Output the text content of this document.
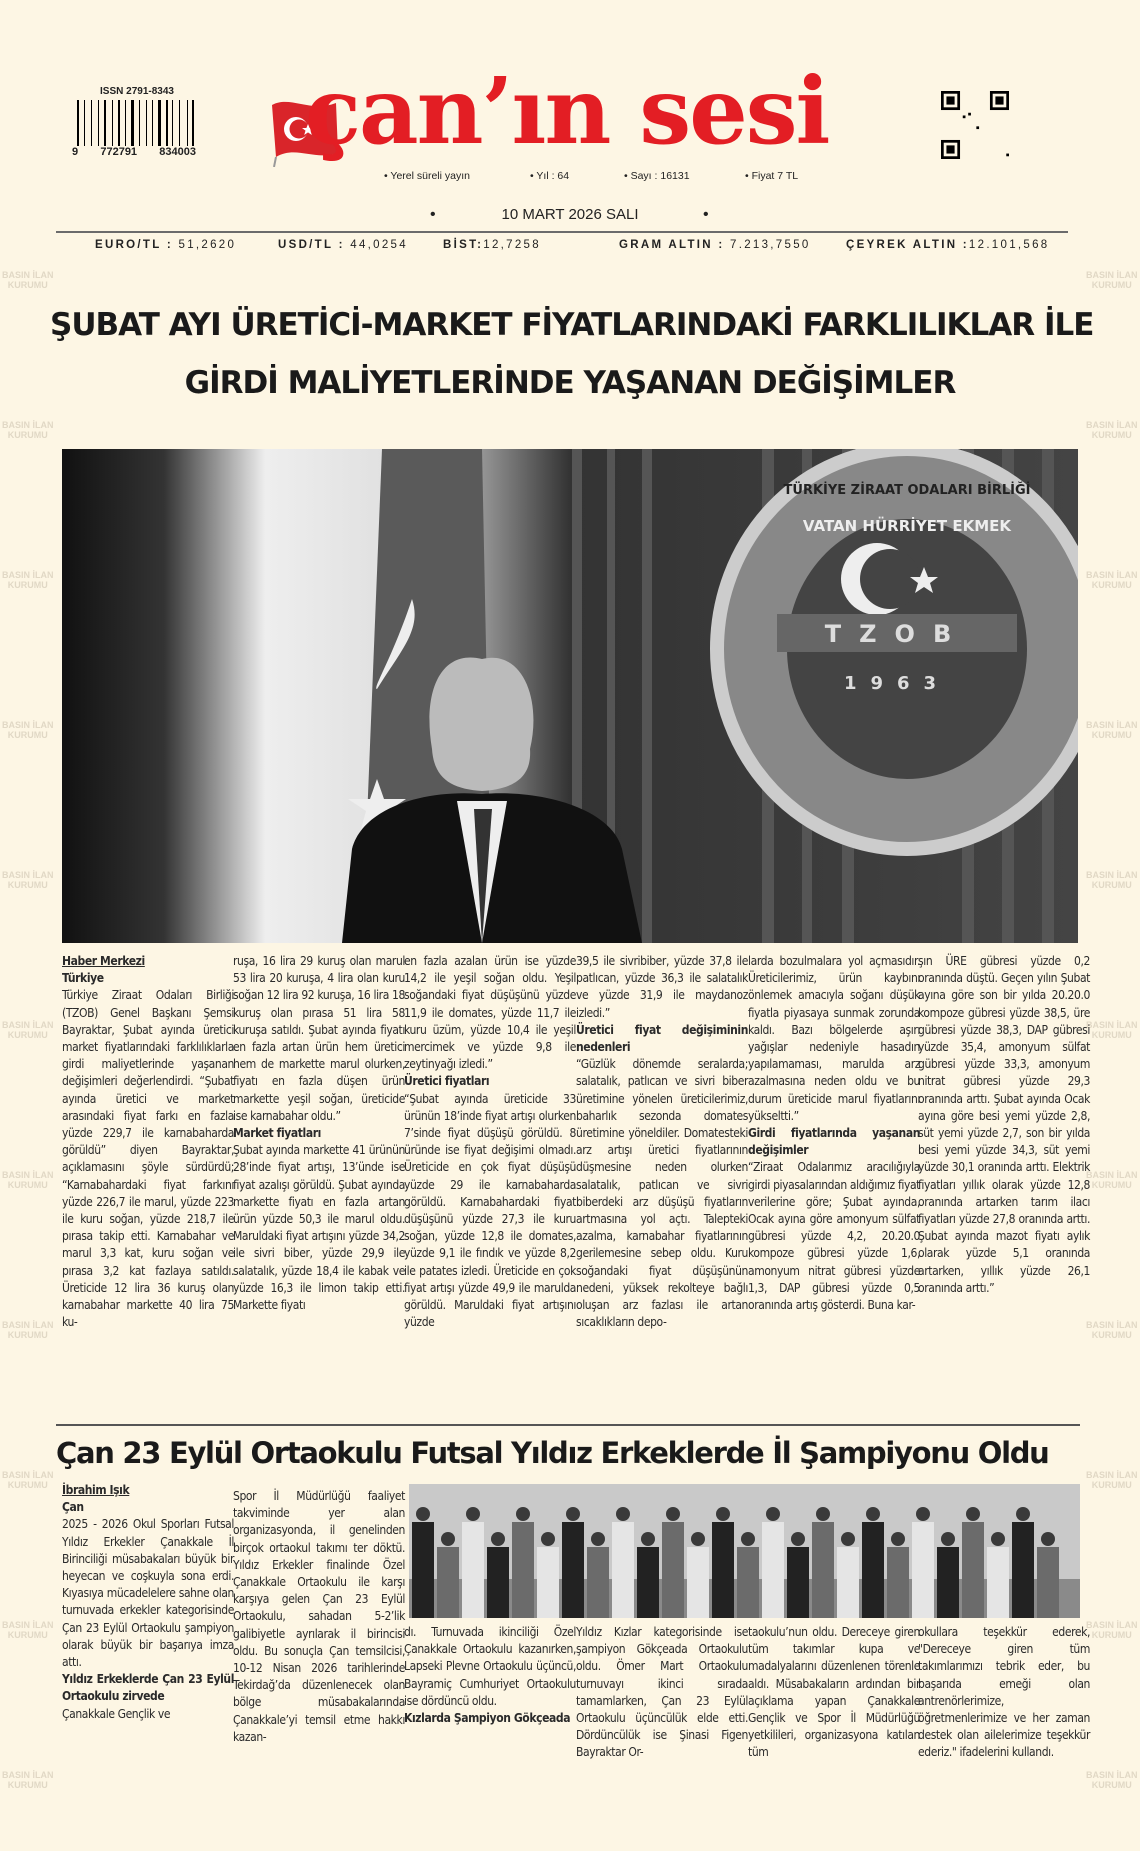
BASIN İLAN
KURUMU
BASIN İLAN
KURUMU
BASIN İLAN
KURUMU
BASIN İLAN
KURUMU
BASIN İLAN
KURUMU
BASIN İLAN
KURUMU
BASIN İLAN
KURUMU
BASIN İLAN
KURUMU
BASIN İLAN
KURUMU
BASIN İLAN
KURUMU
BASIN İLAN
KURUMU
BASIN İLAN
KURUMU
BASIN İLAN
KURUMU
BASIN İLAN
KURUMU
BASIN İLAN
KURUMU
BASIN İLAN
KURUMU
BASIN İLAN
KURUMU
BASIN İLAN
KURUMU
BASIN İLAN
KURUMU
BASIN İLAN
KURUMU
BASIN İLAN
KURUMU
BASIN İLAN
KURUMU
ISSN 2791-8343
9 772791 834003 çan’ın sesi
• Yerel süreli yayın	• Yıl : 64	• Sayı : 16131	• Fiyat 7 TL
•	10 MART 2026 SALI	•
EURO/TL : 51,2620	USD/TL : 44,0254	BİST:12,7258	GRAM ALTIN : 7.213,7550	ÇEYREK ALTIN :12.101,568
ŞUBAT AYI ÜRETİCİ-MARKET FİYATLARINDAKİ FARKLILIKLAR İLE
GİRDİ MALİYETLERİNDE YAŞANAN DEĞİŞİMLER
TZOB
1963
TÜRKİYE ZİRAAT ODALARI BİRLİĞİ
VATAN HÜRRİYET EKMEK
Haber Merkezi
Türkiye

Türkiye Ziraat Odaları Birliği (TZOB) Genel Başkanı Şemsi Bayraktar, Şubat ayında üretici market fiyatlarındaki farklılıklarla girdi maliyetlerinde yaşanan değişimleri değerlendirdi. “Şubat ayında üretici ve market arasındaki fiyat farkı en fazla yüzde 229,7 ile karnabaharda görüldü” diyen Bayraktar, açıklamasını şöyle sürdürdü; “Karnabahardaki fiyat farkını yüzde 226,7 ile marul, yüzde 223 ile kuru soğan, yüzde 218,7 ile pırasa takip etti. Karnabahar ve marul 3,3 kat, kuru soğan ve pırasa 3,2 kat fazlaya satıldı. Üreticide 12 lira 36 kuruş olan karnabahar markette 40 lira 75 ku-

ruşa, 16 lira 29 kuruş olan marul 53 lira 20 kuruşa, 4 lira olan kuru soğan 12 lira 92 kuruşa, 16 lira 18 kuruş olan pırasa 51 lira 58 kuruşa satıldı. Şubat ayında fiyatı en fazla artan ürün hem üretici hem de markette marul olurken, fiyatı en fazla düşen ürün markette yeşil soğan, üreticide ise karnabahar oldu.”

Market fiyatları

Şubat ayında markette 41 ürünün 28’inde fiyat artışı, 13’ünde ise fiyat azalışı görüldü. Şubat ayında markette fiyatı en fazla artan ürün yüzde 50,3 ile marul oldu. Maruldaki fiyat artışını yüzde 34,2 ile sivri biber, yüzde 29,9 ile salatalık, yüzde 18,4 ile kabak ve yüzde 16,3 ile limon takip etti. Markette fiyatı

en fazla azalan ürün ise yüzde 14,2 ile yeşil soğan oldu. Yeşil soğandaki fiyat düşüşünü yüzde 11,9 ile domates, yüzde 11,7 ile kuru üzüm, yüzde 10,4 ile yeşil mercimek ve yüzde 9,8 ile zeytinyağı izledi.”

Üretici fiyatları

“Şubat ayında üreticide 33 ürünün 18’inde fiyat artışı olurken 7’sinde fiyat düşüşü görüldü. 8 üründe ise fiyat değişimi olmadı. Üreticide en çok fiyat düşüşü yüzde 29 ile karnabaharda görüldü. Karnabahardaki fiyat düşüşünü yüzde 27,3 ile kuru soğan, yüzde 12,8 ile domates, yüzde 9,1 ile fındık ve yüzde 8,2 ile patates izledi. Üreticide en çok fiyat artışı yüzde 49,9 ile marulda görüldü. Maruldaki fiyat artışını yüzde

39,5 ile sivribiber, yüzde 37,8 ile patlıcan, yüzde 36,3 ile salatalık ve yüzde 31,9 ile maydanoz izledi.”

Üretici fiyat değişiminin nedenleri

“Güzlük dönemde seralarda; salatalık, patlıcan ve sivri biber üretimine yönelen üreticilerimiz, baharlık sezonda domates üretimine yöneldiler. Domatesteki arz artışı üretici fiyatlarının düşmesine neden olurken salatalık, patlıcan ve sivri biberdeki arz düşüşü fiyatların artmasına yol açtı. Talepteki azalma, karnabahar fiyatlarının gerilemesine sebep oldu. Kuru soğandaki fiyat düşüşünün nedeni, yüksek rekolteye bağlı oluşan arz fazlası ile artan sıcaklıkların depo-

larda bozulmalara yol açmasıdır. Üreticilerimiz, ürün kaybını önlemek amacıyla soğanı düşük fiyatla piyasaya sunmak zorunda kaldı. Bazı bölgelerde aşırı yağışlar nedeniyle hasadın yapılamaması, marulda arz azalmasına neden oldu ve bu durum üreticide marul fiyatlarını yükseltti.”

Girdi fiyatlarında yaşanan değişimler

“Ziraat Odalarımız aracılığıyla girdi piyasalarından aldığımız fiyat verilerine göre; Şubat ayında, Ocak ayına göre amonyum sülfat gübresi yüzde 4,2, 20.20.0 kompoze gübresi yüzde 1,6, amonyum nitrat gübresi yüzde 1,3, DAP gübresi yüzde 0,5 oranında artış gösterdi. Buna kar-

şın ÜRE gübresi yüzde 0,2 oranında düştü. Geçen yılın Şubat ayına göre son bir yılda 20.20.0 kompoze gübresi yüzde 38,5, üre gübresi yüzde 38,3, DAP gübresi yüzde 35,4, amonyum sülfat gübresi yüzde 33,3, amonyum nitrat gübresi yüzde 29,3 oranında arttı. Şubat ayında Ocak ayına göre besi yemi yüzde 2,8, süt yemi yüzde 2,7, son bir yılda besi yemi yüzde 34,3, süt yemi yüzde 30,1 oranında arttı. Elektrik fiyatları yıllık olarak yüzde 12,8 oranında artarken tarım ilacı fiyatları yüzde 27,8 oranında arttı. Şubat ayında mazot fiyatı aylık olarak yüzde 5,1 oranında artarken, yıllık yüzde 26,1 oranında arttı.”

Çan 23 Eylül Ortaokulu Futsal Yıldız Erkeklerde İl Şampiyonu Oldu
İbrahim Işık
Çan

2025 - 2026 Okul Sporları Futsal Yıldız Erkekler Çanakkale İl Birinciliği müsabakaları büyük bir heyecan ve coşkuyla sona erdi. Kıyasıya mücadelelere sahne olan turnuvada erkekler kategorisinde Çan 23 Eylül Ortaokulu şampiyon olarak büyük bir başarıya imza attı.

Yıldız Erkeklerde Çan 23 Eylül Ortaokulu zirvede

Çanakkale Gençlik ve

Spor İl Müdürlüğü faaliyet takviminde yer alan organizasyonda, il genelinden birçok ortaokul takımı ter döktü. Yıldız Erkekler finalinde Özel Çanakkale Ortaokulu ile karşı karşıya gelen Çan 23 Eylül Ortaokulu, sahadan 5-2’lik galibiyetle ayrılarak il birincisi oldu. Bu sonuçla Çan temsilcisi, 10-12 Nisan 2026 tarihlerinde Tekirdağ’da düzenlenecek olan bölge müsabakalarında Çanakkale’yi temsil etme hakkı kazan-

dı. Turnuvada ikinciliği Özel Çanakkale Ortaokulu kazanırken, Lapseki Plevne Ortaokulu üçüncü, Bayramiç Cumhuriyet Ortaokulu ise dördüncü oldu.

Kızlarda Şampiyon Gökçeada

Yıldız Kızlar kategorisinde ise şampiyon Gökçeada Ortaokulu oldu. Ömer Mart Ortaokulu turnuvayı ikinci sırada tamamlarken, Çan 23 Eylül Ortaokulu üçüncülük elde etti. Dördüncülük ise Şinasi Figen Bayraktar Or-

taokulu’nun oldu. Dereceye giren tüm takımlar kupa ve madalyalarını düzenlenen törenle aldı. Müsabakaların ardından bir açıklama yapan Çanakkale Gençlik ve Spor İl Müdürlüğü yetkilileri, organizasyona katılan tüm

okullara teşekkür ederek, "Dereceye giren tüm takımlarımızı tebrik eder, bu başarıda emeği olan antrenörlerimize, öğretmenlerimize ve her zaman destek olan ailelerimize teşekkür ederiz." ifadelerini kullandı.
